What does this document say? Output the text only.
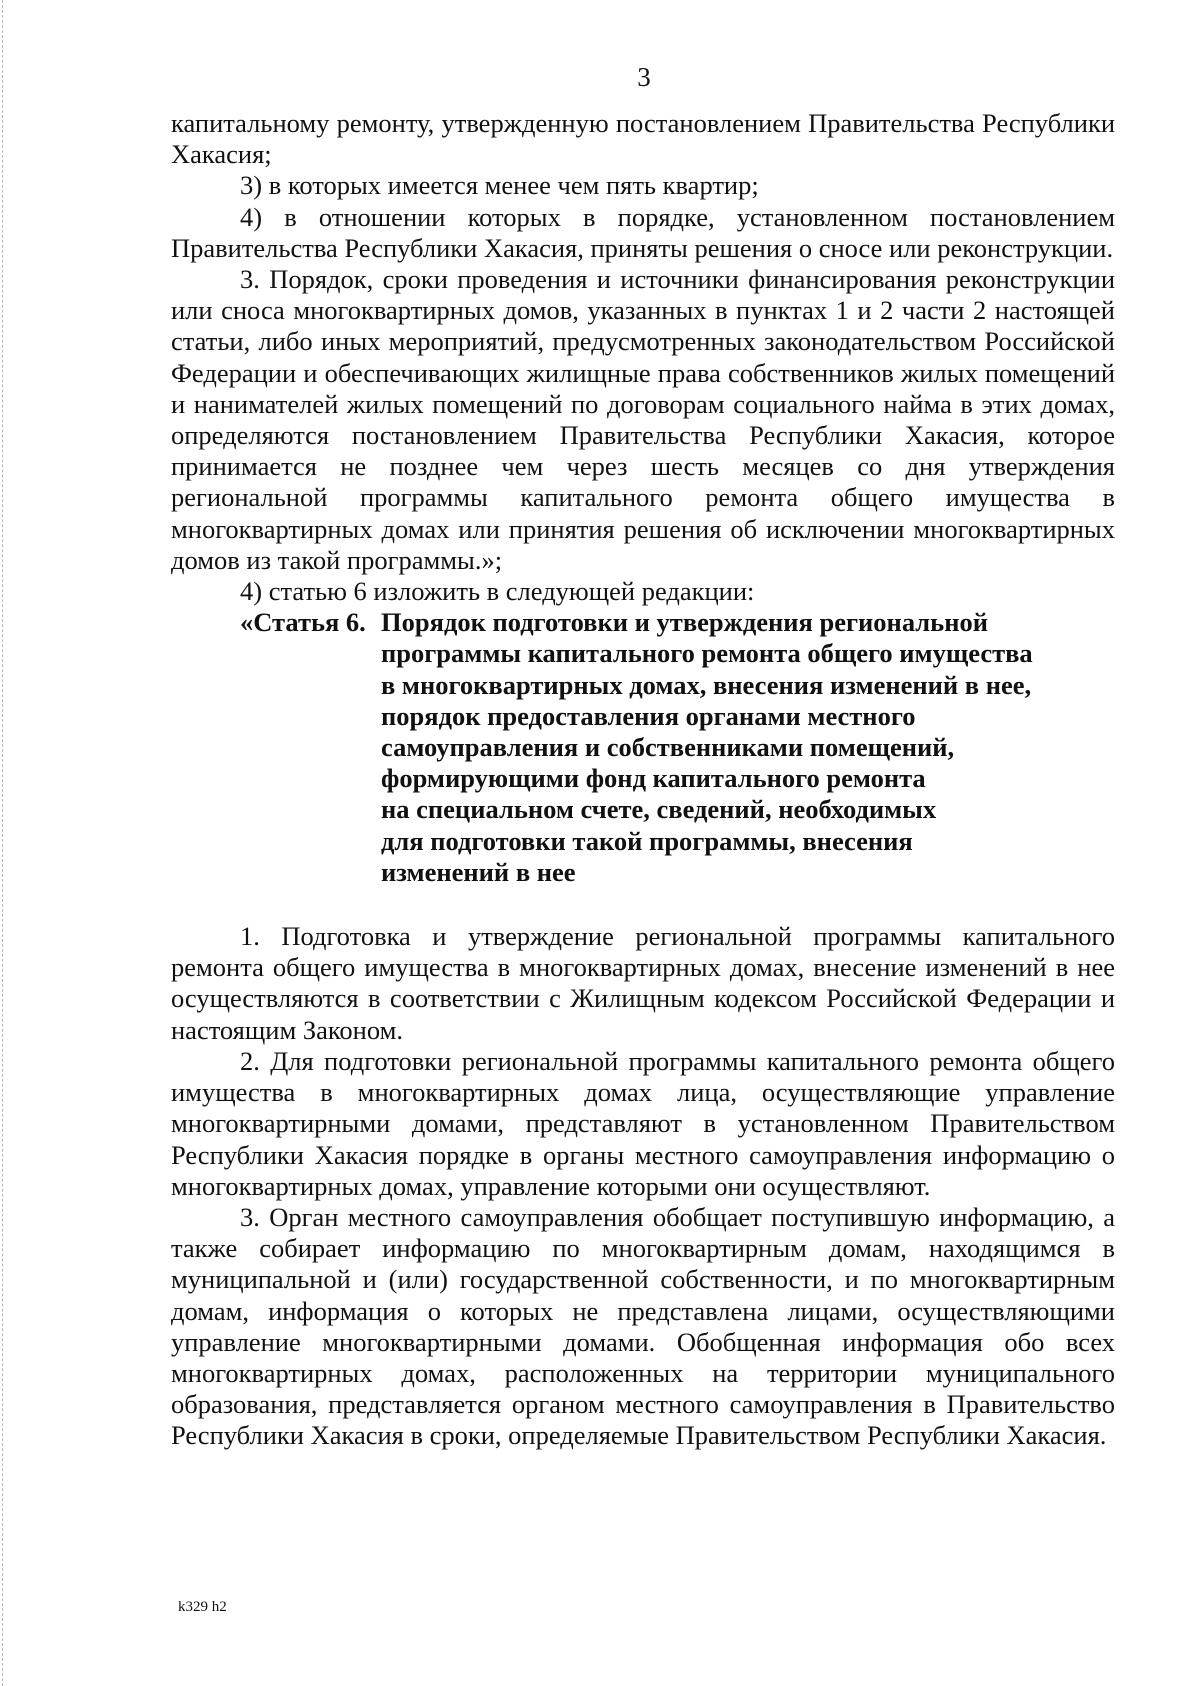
3

капитальному ремонту, утвержденную постановлением Правительства Республики Хакасия;

3) в которых имеется менее чем пять квартир;

4) в отношении которых в порядке, установленном постановлением Правительства Республики Хакасия, приняты решения о сносе или реконструкции.

3. Порядок, сроки проведения и источники финансирования реконструкции или сноса многоквартирных домов, указанных в пунктах 1 и 2 части 2 настоящей статьи, либо иных мероприятий, предусмотренных законодательством Российской Федерации и обеспечивающих жилищные права собственников жилых помещений и нанимателей жилых помещений по договорам социального найма в этих домах, определяются постановлением Правительства Республики Хакасия, которое принимается не позднее чем через шесть месяцев со дня утверждения региональной программы капитального ремонта общего имущества в многоквартирных домах или принятия решения об исключении многоквартирных домов из такой программы.»;

4) статью 6 изложить в следующей редакции:

«Статья 6. Порядок подготовки и утверждения региональной
программы капитального ремонта общего имущества
в многоквартирных домах, внесения изменений в нее,
порядок предоставления органами местного
самоуправления и собственниками помещений,
формирующими фонд капитального ремонта
на специальном счете, сведений, необходимых
для подготовки такой программы, внесения
изменений в нее

1. Подготовка и утверждение региональной программы капитального ремонта общего имущества в многоквартирных домах, внесение изменений в нее осуществляются в соответствии с Жилищным кодексом Российской Федерации и настоящим Законом.

2. Для подготовки региональной программы капитального ремонта общего имущества в многоквартирных домах лица, осуществляющие управление многоквартирными домами, представляют в установленном Правительством Республики Хакасия порядке в органы местного самоуправления информацию о многоквартирных домах, управление которыми они осуществляют.

3. Орган местного самоуправления обобщает поступившую информацию, а также собирает информацию по многоквартирным домам, находящимся в муниципальной и (или) государственной собственности, и по многоквартирным домам, информация о которых не представлена лицами, осуществляющими управление многоквартирными домами. Обобщенная информация обо всех многоквартирных домах, расположенных на территории муниципального образования, представляется органом местного самоуправления в Правительство Республики Хакасия в сроки, определяемые Правительством Республики Хакасия.

k329 h2
